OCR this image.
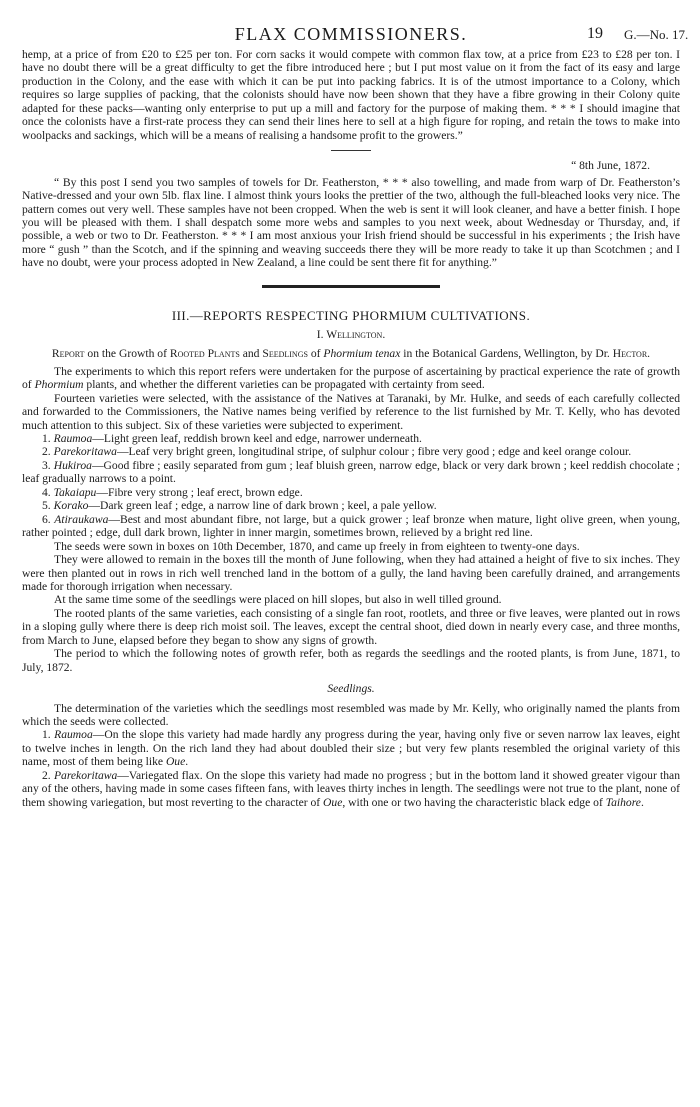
FLAX COMMISSIONERS.	19 G.—No. 17.

hemp, at a price of from £20 to £25 per ton. For corn sacks it would compete with common flax tow, at a price from £23 to £28 per ton. I have no doubt there will be a great difficulty to get the fibre introduced here ; but I put most value on it from the fact of its easy and large production in the Colony, and the ease with which it can be put into packing fabrics. It is of the utmost importance to a Colony, which requires so large supplies of packing, that the colonists should have now been shown that they have a fibre growing in their Colony quite adapted for these packs—wanting only enterprise to put up a mill and factory for the purpose of making them. * * * I should imagine that once the colonists have a first-rate process they can send their lines here to sell at a high figure for roping, and retain the tows to make into woolpacks and sackings, which will be a means of realising a handsome profit to the growers.”

“ 8th June, 1872.

“ By this post I send you two samples of towels for Dr. Featherston, * * * also towelling, and made from warp of Dr. Featherston’s Native-dressed and your own 5lb. flax line. I almost think yours looks the prettier of the two, although the full-bleached looks very nice. The pattern comes out very well. These samples have not been cropped. When the web is sent it will look cleaner, and have a better finish. I hope you will be pleased with them. I shall despatch some more webs and samples to you next week, about Wednesday or Thursday, and, if possible, a web or two to Dr. Featherston. * * * I am most anxious your Irish friend should be successful in his experiments ; the Irish have more “ gush ” than the Scotch, and if the spinning and weaving succeeds there they will be more ready to take it up than Scotchmen ; and I have no doubt, were your process adopted in New Zealand, a line could be sent there fit for anything.”

III.—REPORTS RESPECTING PHORMIUM CULTIVATIONS.
I. Wellington.
Report on the Growth of Rooted Plants and Seedlings of Phormium tenax in the Botanical Gardens, Wellington, by Dr. Hector.

The experiments to which this report refers were undertaken for the purpose of ascertaining by practical experience the rate of growth of Phormium plants, and whether the different varieties can be propagated with certainty from seed.

Fourteen varieties were selected, with the assistance of the Natives at Taranaki, by Mr. Hulke, and seeds of each carefully collected and forwarded to the Commissioners, the Native names being verified by reference to the list furnished by Mr. T. Kelly, who has devoted much attention to this subject. Six of these varieties were subjected to experiment.

1. Raumoa—Light green leaf, reddish brown keel and edge, narrower underneath.

2. Parekoritawa—Leaf very bright green, longitudinal stripe, of sulphur colour ; fibre very good ; edge and keel orange colour.

3. Hukiroa—Good fibre ; easily separated from gum ; leaf bluish green, narrow edge, black or very dark brown ; keel reddish chocolate ; leaf gradually narrows to a point.

4. Takaiapu—Fibre very strong ; leaf erect, brown edge.

5. Korako—Dark green leaf ; edge, a narrow line of dark brown ; keel, a pale yellow.

6. Atiraukawa—Best and most abundant fibre, not large, but a quick grower ; leaf bronze when mature, light olive green, when young, rather pointed ; edge, dull dark brown, lighter in inner margin, sometimes brown, relieved by a bright red line.

The seeds were sown in boxes on 10th December, 1870, and came up freely in from eighteen to twenty-one days.

They were allowed to remain in the boxes till the month of June following, when they had attained a height of five to six inches. They were then planted out in rows in rich well trenched land in the bottom of a gully, the land having been carefully drained, and arrangements made for thorough irrigation when necessary.

At the same time some of the seedlings were placed on hill slopes, but also in well tilled ground.

The rooted plants of the same varieties, each consisting of a single fan root, rootlets, and three or five leaves, were planted out in rows in a sloping gully where there is deep rich moist soil. The leaves, except the central shoot, died down in nearly every case, and three months, from March to June, elapsed before they began to show any signs of growth.

The period to which the following notes of growth refer, both as regards the seedlings and the rooted plants, is from June, 1871, to July, 1872.

Seedlings.

The determination of the varieties which the seedlings most resembled was made by Mr. Kelly, who originally named the plants from which the seeds were collected.

1. Raumoa—On the slope this variety had made hardly any progress during the year, having only five or seven narrow lax leaves, eight to twelve inches in length. On the rich land they had about doubled their size ; but very few plants resembled the original variety of this name, most of them being like Oue.

2. Parekoritawa—Variegated flax. On the slope this variety had made no progress ; but in the bottom land it showed greater vigour than any of the others, having made in some cases fifteen fans, with leaves thirty inches in length. The seedlings were not true to the plant, none of them showing variegation, but most reverting to the character of Oue, with one or two having the characteristic black edge of Taihore.
